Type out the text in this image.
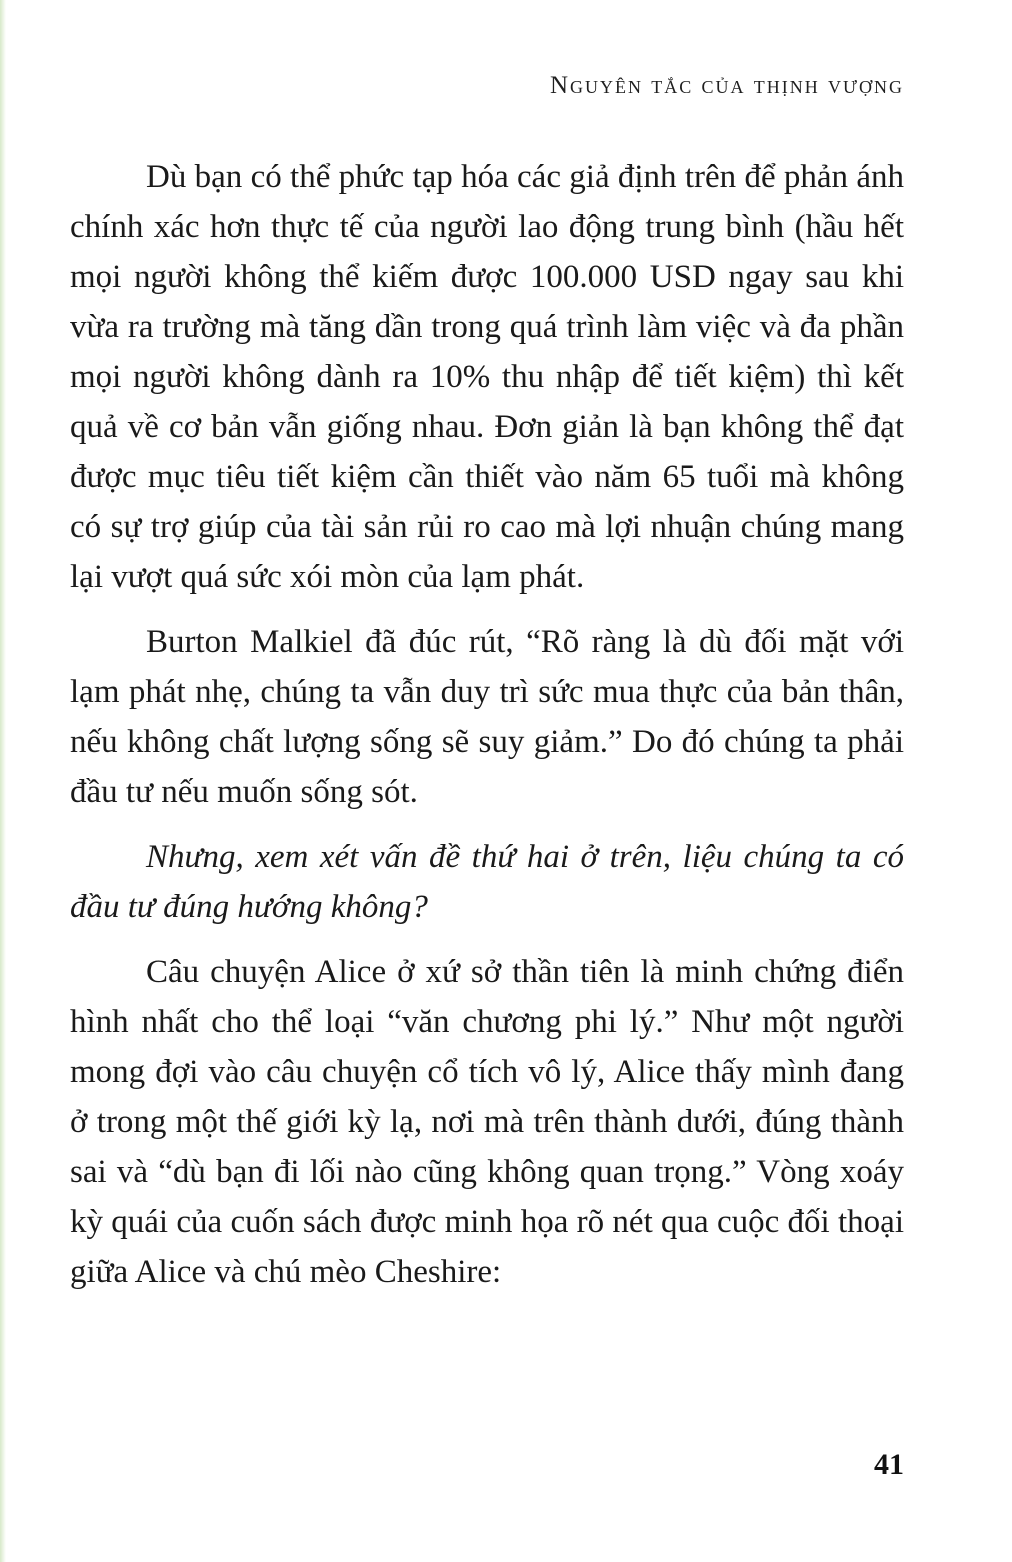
Nguyên tắc của thịnh vượng

Dù bạn có thể phức tạp hóa các giả định trên để phản ánh chính xác hơn thực tế của người lao động trung bình (hầu hết mọi người không thể kiếm được 100.000 USD ngay sau khi vừa ra trường mà tăng dần trong quá trình làm việc và đa phần mọi người không dành ra 10% thu nhập để tiết kiệm) thì kết quả về cơ bản vẫn giống nhau. Đơn giản là bạn không thể đạt được mục tiêu tiết kiệm cần thiết vào năm 65 tuổi mà không có sự trợ giúp của tài sản rủi ro cao mà lợi nhuận chúng mang lại vượt quá sức xói mòn của lạm phát.

Burton Malkiel đã đúc rút, “Rõ ràng là dù đối mặt với lạm phát nhẹ, chúng ta vẫn duy trì sức mua thực của bản thân, nếu không chất lượng sống sẽ suy giảm.” Do đó chúng ta phải đầu tư nếu muốn sống sót.

Nhưng, xem xét vấn đề thứ hai ở trên, liệu chúng ta có đầu tư đúng hướng không?

Câu chuyện Alice ở xứ sở thần tiên là minh chứng điển hình nhất cho thể loại “văn chương phi lý.” Như một người mong đợi vào câu chuyện cổ tích vô lý, Alice thấy mình đang ở trong một thế giới kỳ lạ, nơi mà trên thành dưới, đúng thành sai và “dù bạn đi lối nào cũng không quan trọng.” Vòng xoáy kỳ quái của cuốn sách được minh họa rõ nét qua cuộc đối thoại giữa Alice và chú mèo Cheshire:

41
